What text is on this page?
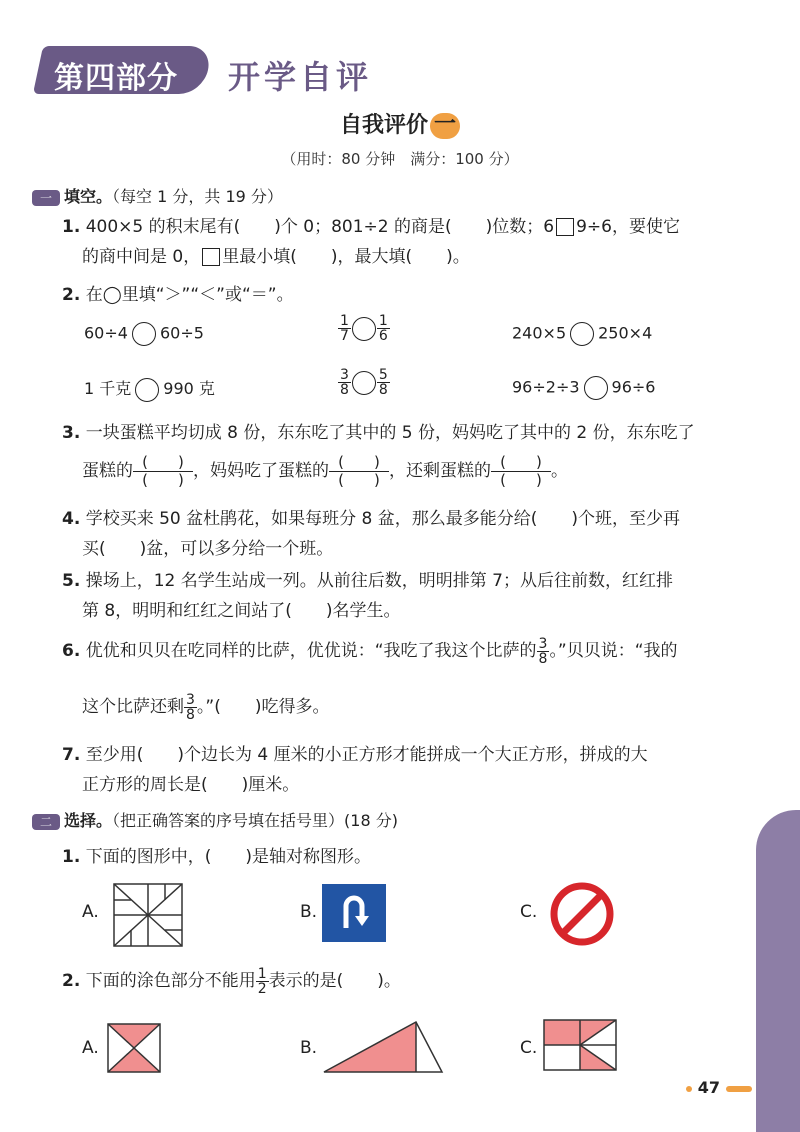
第四部分 开学自评
自我评价 一
（用时：80 分钟　满分：100 分）
一 填空。（每空 1 分，共 19 分）
1. 400×5 的积末尾有(　　)个 0；801÷2 的商是(　　)位数；6 9÷6，要使它
的商中间是 0， 里最小填(　　)，最大填(　　)。
2. 在◯里填“＞”“＜”或“＝”。
60÷4 60÷5	$\frac{1}{7} \frac{1}{6}$	240×5 250×4
1 千克 990 克	$\frac{3}{8} \frac{5}{8}$	96÷2÷3 96÷6
3. 一块蛋糕平均切成 8 份，东东吃了其中的 5 份，妈妈吃了其中的 2 份，东东吃了
蛋糕的 (　　)
(　　) ，妈妈吃了蛋糕的 (　　)
(　　) ，还剩蛋糕的 (　　)
(　　) 。
4. 学校买来 50 盆杜鹃花，如果每班分 8 盆，那么最多能分给(　　)个班，至少再
买(　　)盆，可以多分给一个班。
5. 操场上，12 名学生站成一列。从前往后数，明明排第 7；从后往前数，红红排
第 8，明明和红红之间站了(　　)名学生。
6. 优优和贝贝在吃同样的比萨，优优说：“我吃了我这个比萨的 $\frac{3}{8}$ 。”贝贝说：“我的
这个比萨还剩 $\frac{3}{8}$ 。”(　　)吃得多。
7. 至少用(　　)个边长为 4 厘米的小正方形才能拼成一个大正方形，拼成的大
正方形的周长是(　　)厘米。
二 选择。（把正确答案的序号填在括号里）(18 分)
1. 下面的图形中，(　　)是轴对称图形。
A.	B.	C.
2. 下面的涂色部分不能用 $\frac{1}{2}$ 表示的是(　　)。
A.	B.	C.
47
